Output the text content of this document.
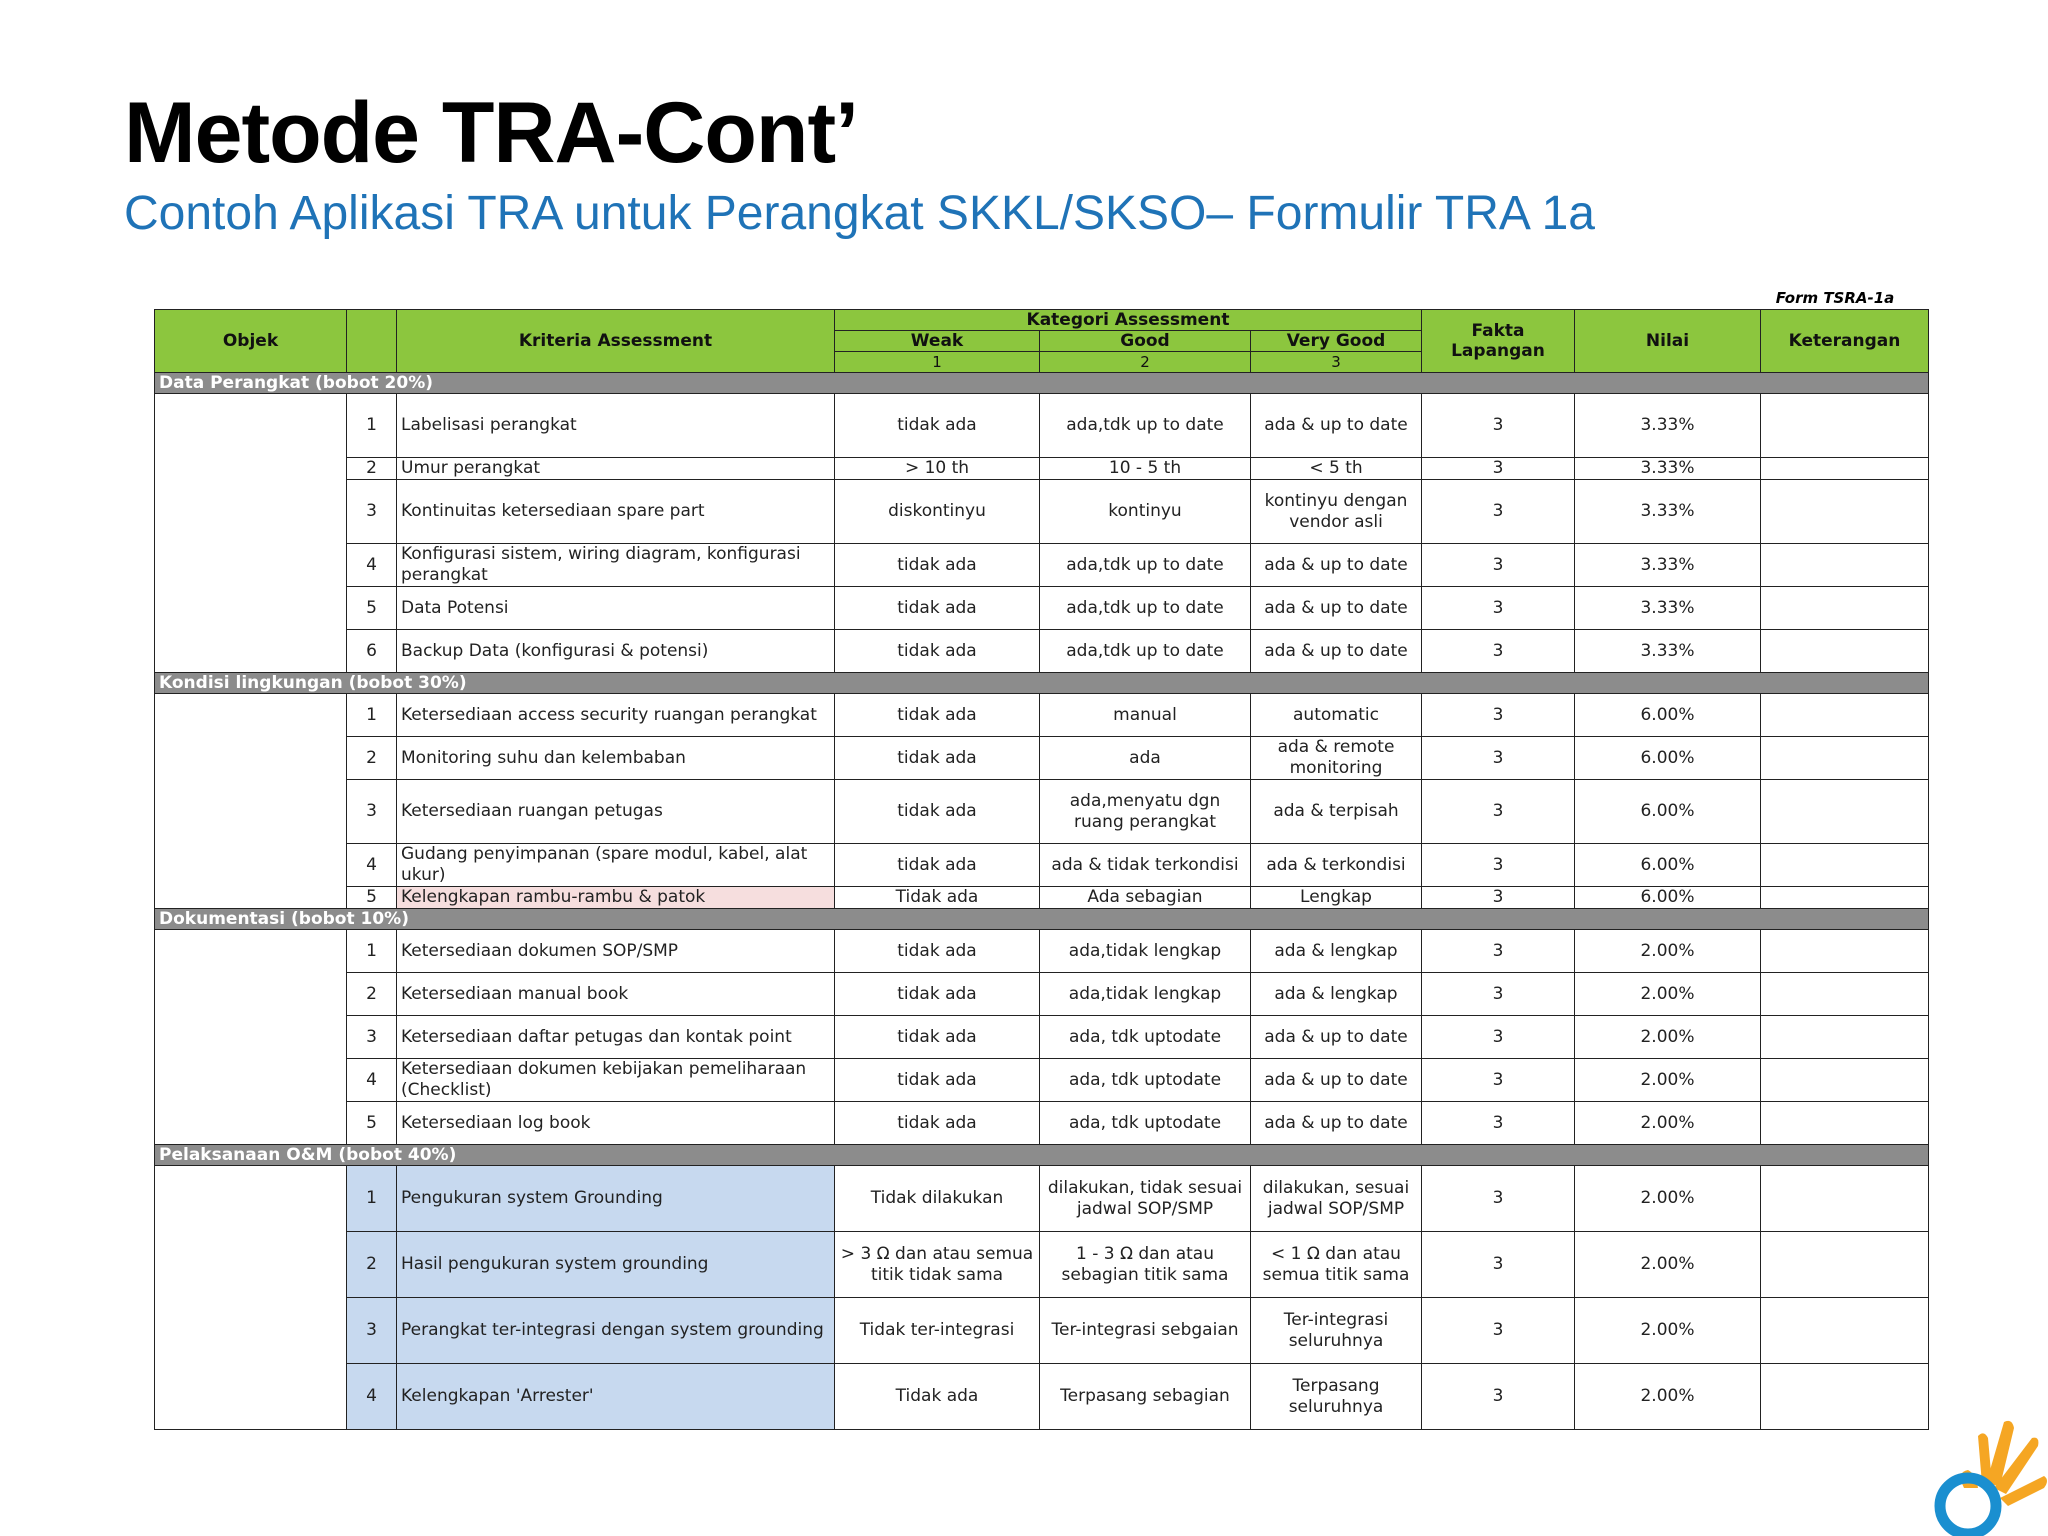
Metode TRA-Cont’
Contoh Aplikasi TRA untuk Perangkat SKKL/SKSO– Formulir TRA 1a
Form TSRA-1a
Objek		Kriteria Assessment	Kategori Assessment			Fakta Lapangan	Nilai	Keterangan
			Weak	Good	Very Good			
			1	2	3			
Data Perangkat (bobot 20%)								
	1	Labelisasi perangkat	tidak ada	ada,tdk up to date	ada & up to date	3	3.33%	
	2	Umur perangkat	> 10 th	10 - 5 th	< 5 th	3	3.33%	
	3	Kontinuitas ketersediaan spare part	diskontinyu	kontinyu	kontinyu dengan vendor asli	3	3.33%	
	4	Konfigurasi sistem, wiring diagram, konfigurasi perangkat	tidak ada	ada,tdk up to date	ada & up to date	3	3.33%	
	5	Data Potensi	tidak ada	ada,tdk up to date	ada & up to date	3	3.33%	
	6	Backup Data (konfigurasi & potensi)	tidak ada	ada,tdk up to date	ada & up to date	3	3.33%	
Kondisi lingkungan (bobot 30%)								
	1	Ketersediaan access security ruangan perangkat	tidak ada	manual	automatic	3	6.00%	
	2	Monitoring suhu dan kelembaban	tidak ada	ada	ada & remote monitoring	3	6.00%	
	3	Ketersediaan ruangan petugas	tidak ada	ada,menyatu dgn ruang perangkat	ada & terpisah	3	6.00%	
	4	Gudang penyimpanan (spare modul, kabel, alat ukur)	tidak ada	ada & tidak terkondisi	ada & terkondisi	3	6.00%	
	5	Kelengkapan rambu-rambu & patok	Tidak ada	Ada sebagian	Lengkap	3	6.00%	
Dokumentasi (bobot 10%)								
	1	Ketersediaan dokumen SOP/SMP	tidak ada	ada,tidak lengkap	ada & lengkap	3	2.00%	
	2	Ketersediaan manual book	tidak ada	ada,tidak lengkap	ada & lengkap	3	2.00%	
	3	Ketersediaan daftar petugas dan kontak point	tidak ada	ada, tdk uptodate	ada & up to date	3	2.00%	
	4	Ketersediaan dokumen kebijakan pemeliharaan (Checklist)	tidak ada	ada, tdk uptodate	ada & up to date	3	2.00%	
	5	Ketersediaan log book	tidak ada	ada, tdk uptodate	ada & up to date	3	2.00%	
Pelaksanaan O&M (bobot 40%)								
	1	Pengukuran system Grounding	Tidak dilakukan	dilakukan, tidak sesuai jadwal SOP/SMP	dilakukan, sesuai jadwal SOP/SMP	3	2.00%	
	2	Hasil pengukuran system grounding	> 3 Ω dan atau semua titik tidak sama	1 - 3 Ω dan atau sebagian titik sama	< 1 Ω dan atau semua titik sama	3	2.00%	
	3	Perangkat ter-integrasi dengan system grounding	Tidak ter-integrasi	Ter-integrasi sebgaian	Ter-integrasi seluruhnya	3	2.00%	
	4	Kelengkapan 'Arrester'	Tidak ada	Terpasang sebagian	Terpasang seluruhnya	3	2.00%	
